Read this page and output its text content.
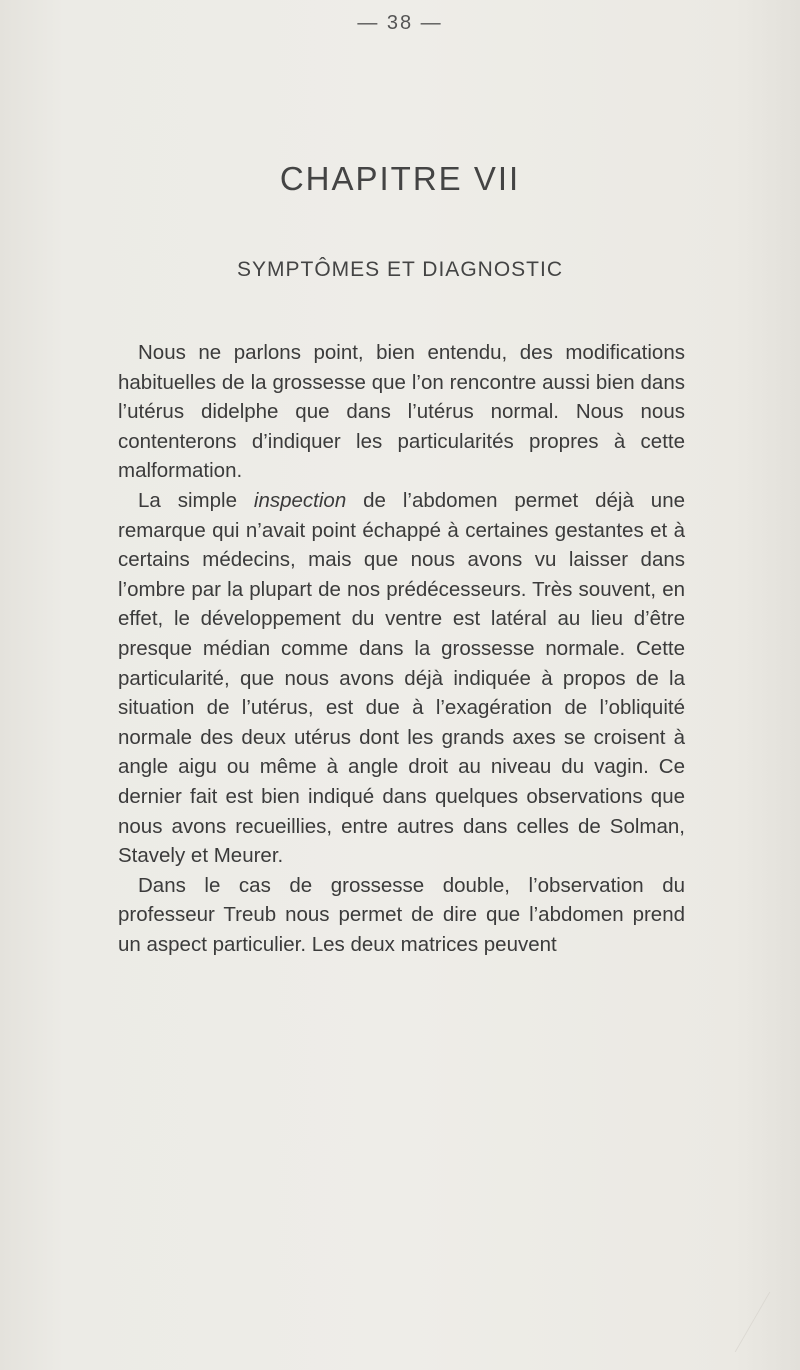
— 38 —
CHAPITRE VII
SYMPTÔMES ET DIAGNOSTIC

Nous ne parlons point, bien entendu, des modifications habituelles de la grossesse que l’on rencontre aussi bien dans l’utérus didelphe que dans l’utérus normal. Nous nous contenterons d’indiquer les particularités propres à cette malformation.

La simple inspection de l’abdomen permet déjà une remarque qui n’avait point échappé à certaines gestantes et à certains médecins, mais que nous avons vu laisser dans l’ombre par la plupart de nos prédécesseurs. Très souvent, en effet, le développement du ventre est latéral au lieu d’être presque médian comme dans la grossesse normale. Cette particularité, que nous avons déjà indiquée à propos de la situation de l’utérus, est due à l’exagération de l’obliquité normale des deux utérus dont les grands axes se croisent à angle aigu ou même à angle droit au niveau du vagin. Ce dernier fait est bien indiqué dans quelques observations que nous avons recueillies, entre autres dans celles de Solman, Stavely et Meurer.

Dans le cas de grossesse double, l’observation du professeur Treub nous permet de dire que l’abdomen prend un aspect particulier. Les deux matrices peuvent
